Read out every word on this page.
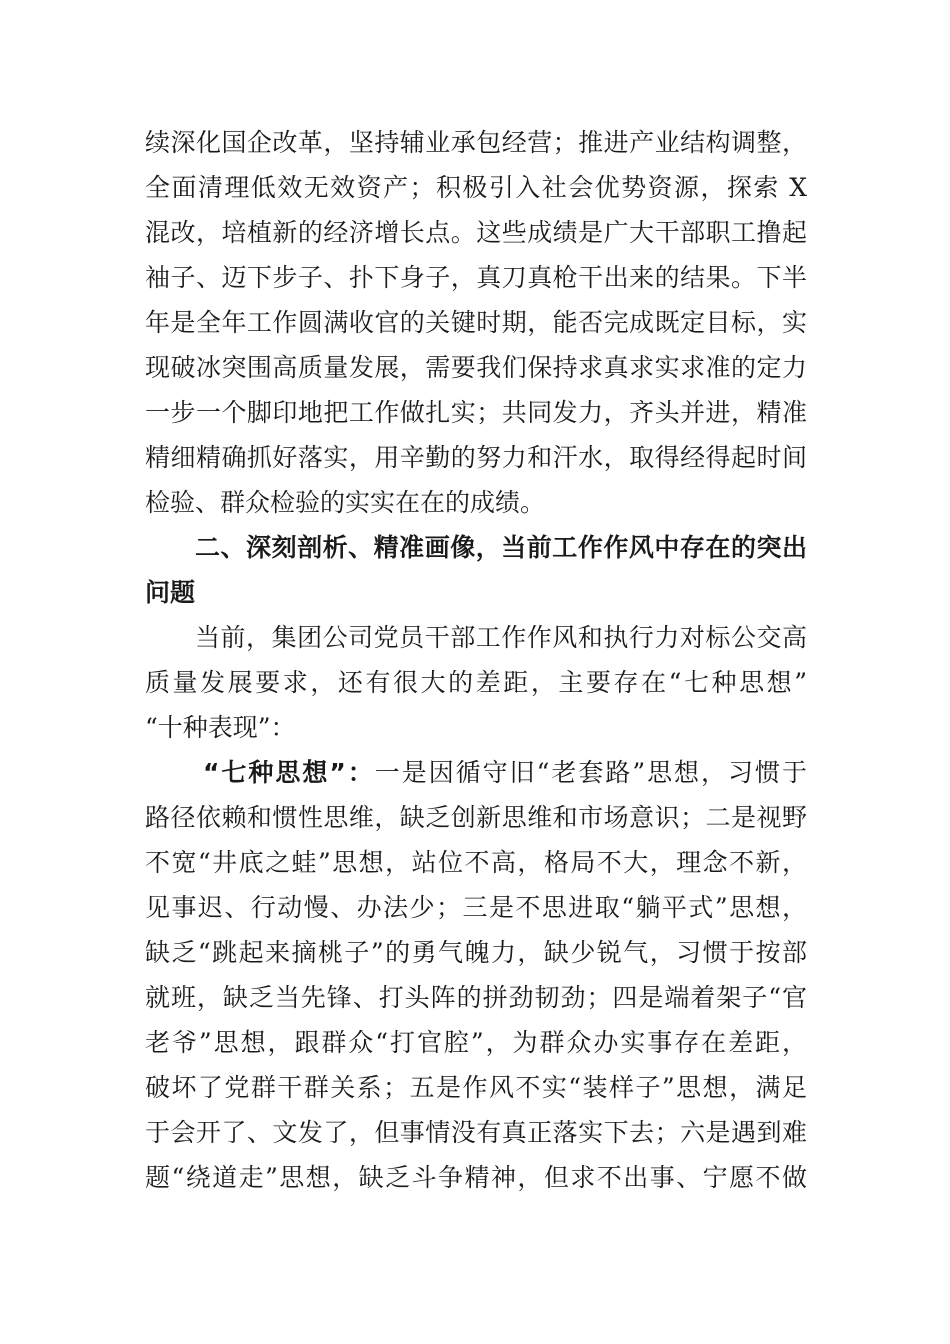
续深化国企改革，坚持辅业承包经营；推进产业结构调整，
全面清理低效无效资产；积极引入社会优势资源，探索 X
混改，培植新的经济增长点。这些成绩是广大干部职工撸起
袖子、迈下步子、扑下身子，真刀真枪干出来的结果。下半
年是全年工作圆满收官的关键时期，能否完成既定目标，实
现破冰突围高质量发展，需要我们保持求真求实求准的定力
一步一个脚印地把工作做扎实；共同发力，齐头并进，精准
精细精确抓好落实，用辛勤的努力和汗水，取得经得起时间
检验、群众检验的实实在在的成绩。

二、深刻剖析、精准画像，当前工作作风中存在的突出
问题

当前，集团公司党员干部工作作风和执行力对标公交高
质量发展要求，还有很大的差距，主要存在“七种思想”
“十种表现”：

“七种思想”：一是因循守旧“老套路”思想，习惯于
路径依赖和惯性思维，缺乏创新思维和市场意识；二是视野
不宽“井底之蛙”思想，站位不高，格局不大，理念不新，
见事迟、行动慢、办法少；三是不思进取“躺平式”思想，
缺乏“跳起来摘桃子”的勇气魄力，缺少锐气，习惯于按部
就班，缺乏当先锋、打头阵的拼劲韧劲；四是端着架子“官
老爷”思想，跟群众“打官腔”，为群众办实事存在差距，
破坏了党群干群关系；五是作风不实“装样子”思想，满足
于会开了、文发了，但事情没有真正落实下去；六是遇到难
题“绕道走”思想，缺乏斗争精神，但求不出事、宁愿不做
